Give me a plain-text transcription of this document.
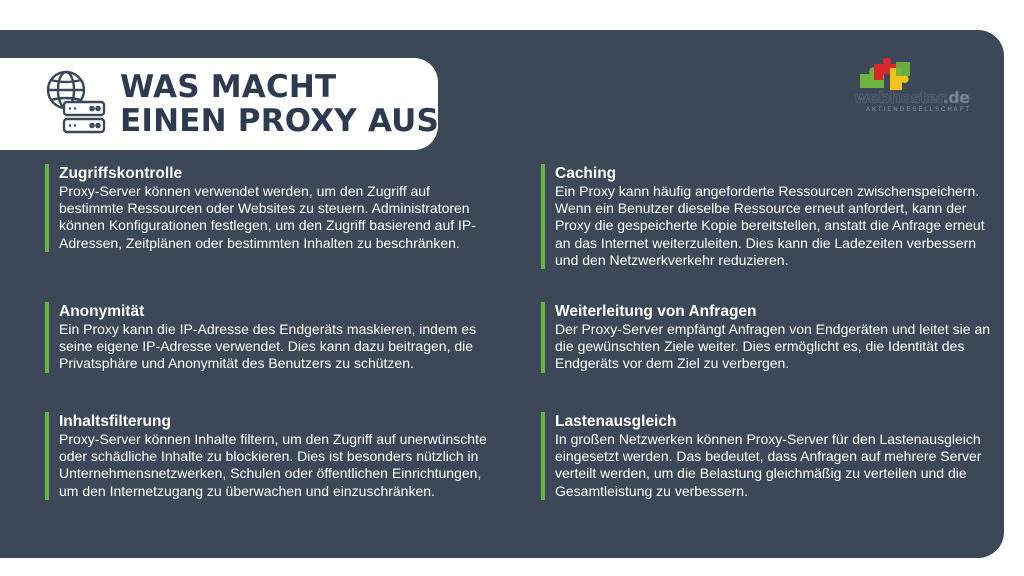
WAS MACHT
EINEN PROXY AUS
webhoster.de
AKTIENGESELLSCHAFT
Zugriffskontrolle

Proxy-Server können verwendet werden, um den Zugriff auf bestimmte Ressourcen oder Websites zu steuern. Administratoren können Konfigurationen festlegen, um den Zugriff basierend auf IP-Adressen, Zeitplänen oder bestimmten Inhalten zu beschränken.

Anonymität

Ein Proxy kann die IP-Adresse des Endgeräts maskieren, indem es seine eigene IP-Adresse verwendet. Dies kann dazu beitragen, die Privatsphäre und Anonymität des Benutzers zu schützen.

Inhaltsfilterung

Proxy-Server können Inhalte filtern, um den Zugriff auf unerwünschte oder schädliche Inhalte zu blockieren. Dies ist besonders nützlich in Unternehmensnetzwerken, Schulen oder öffentlichen Einrichtungen, um den Internetzugang zu überwachen und einzuschränken.

Caching

Ein Proxy kann häufig angeforderte Ressourcen zwischenspeichern. Wenn ein Benutzer dieselbe Ressource erneut anfordert, kann der Proxy die gespeicherte Kopie bereitstellen, anstatt die Anfrage erneut an das Internet weiterzuleiten. Dies kann die Ladezeiten verbessern und den Netzwerkverkehr reduzieren.

Weiterleitung von Anfragen

Der Proxy-Server empfängt Anfragen von Endgeräten und leitet sie an die gewünschten Ziele weiter. Dies ermöglicht es, die Identität des Endgeräts vor dem Ziel zu verbergen.

Lastenausgleich

In großen Netzwerken können Proxy-Server für den Lastenausgleich eingesetzt werden. Das bedeutet, dass Anfragen auf mehrere Server verteilt werden, um die Belastung gleichmäßig zu verteilen und die Gesamtleistung zu verbessern.
